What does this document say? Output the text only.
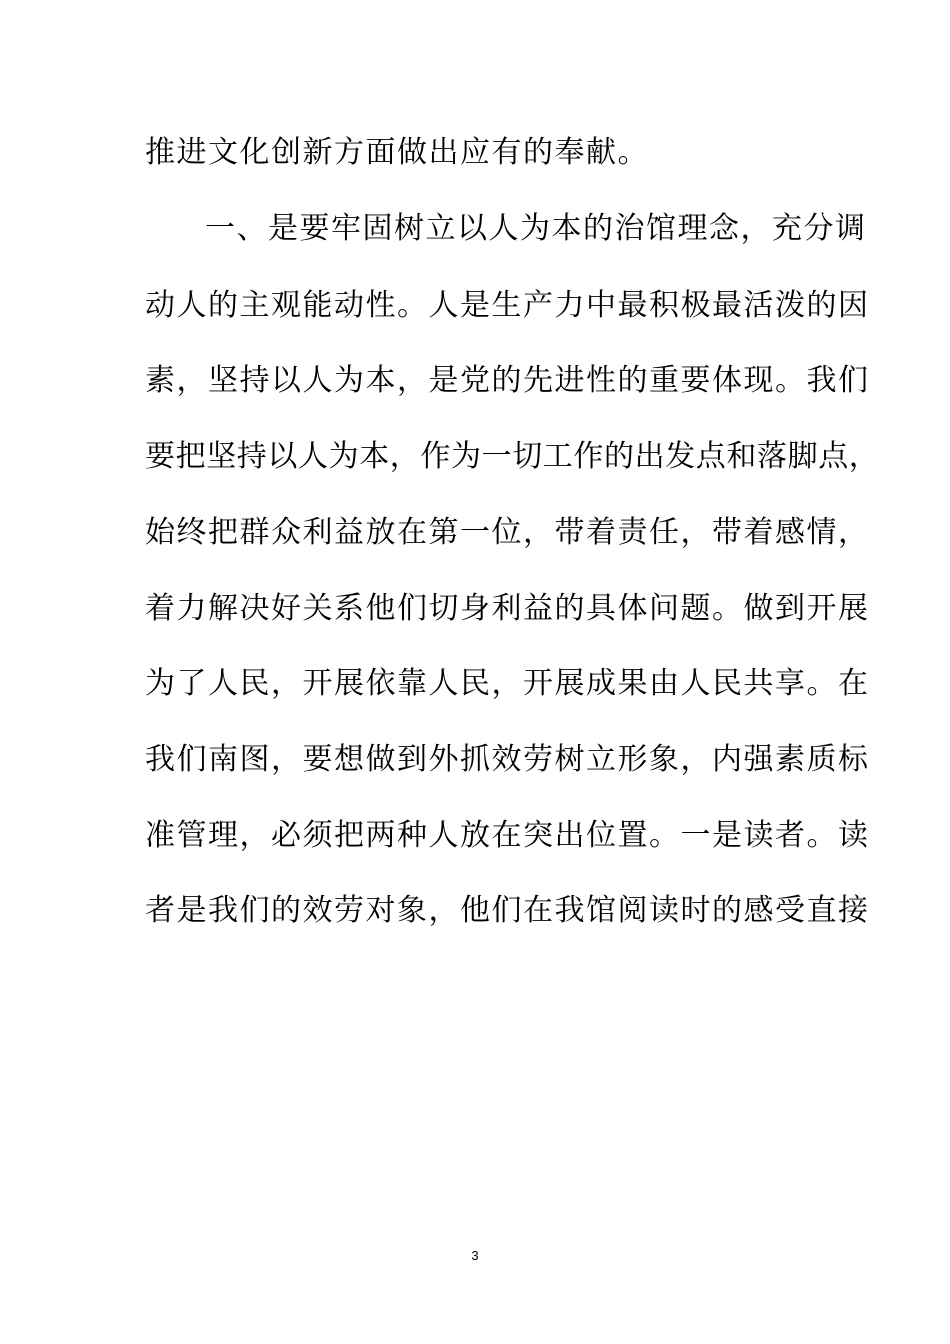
推进文化创新方面做出应有的奉献。
一、是要牢固树立以人为本的治馆理念，充分调
动人的主观能动性。人是生产力中最积极最活泼的因
素，坚持以人为本，是党的先进性的重要体现。我们
要把坚持以人为本，作为一切工作的出发点和落脚点，
始终把群众利益放在第一位，带着责任，带着感情，
着力解决好关系他们切身利益的具体问题。做到开展
为了人民，开展依靠人民，开展成果由人民共享。在
我们南图，要想做到外抓效劳树立形象，内强素质标
准管理，必须把两种人放在突出位置。一是读者。读
者是我们的效劳对象，他们在我馆阅读时的感受直接
3
